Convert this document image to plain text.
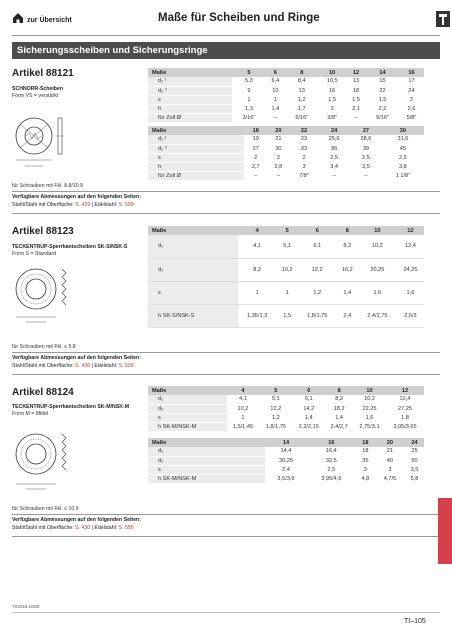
zur Übersicht	Maße für Scheiben und Ringe
Sicherungsscheiben und Sicherungsringe
Artikel 88121
SCHNORR-Scheiben
Form VS = verstärkt
Maße	5	6	8	10	12	14	16
d₁ ¹	5,3	6,4	8,4	10,5	13	15	17
d₂ ²	9	10	13	16	18	22	24
s	1	1	1,2	1,5	1,5	1,5	2
h	1,3	1,4	1,7	2	2,1	2,2	2,6
für Zoll Ø	3/16"	–	5/16"	3/8"	–	9/16"	5/8"
Maße	18	20	22	24	27	30
d₁ ¹	19	21	23	25,6	28,6	31,6
d₂ ²	27	30	33	36	39	45
s	2	2	2	2,5	2,5	2,5
h	2,7	2,8	3	3,4	3,5	3,8
für Zoll Ø	–	–	7/8"	–	–	1 1/8"
für Schrauben mit Fkl. 8.8/10.9
Verfügbare Abmessungen auf den folgenden Seiten:
Stahl/Stahl mit Oberfläche: S. 429 | Edelstahl: S. 599
Artikel 88123
TECKENTRUP-Sperrkantscheiben SK-S/NSK-S
Form S = Standard
Maße	4	5	6	8	10	12
d₁	4,1	5,1	6,1	8,2	10,2	12,4
d₂	8,2	10,2	12,2	16,2	20,25	24,25
s	1	1	1,2	1,4	1,6	1,6
h SK-S/NSK-S	1,35/1,3	1,5	1,8/1,75	2,4	2,4/2,75	2,6/3
für Schrauben mit Fkl. ≤ 5.8
Verfügbare Abmessungen auf den folgenden Seiten:
Stahl/Stahl mit Oberfläche: S. 430 | Edelstahl: S. 599
Artikel 88124
TECKENTRUP-Sperrkantscheiben SK-M/NSK-M
Form M = Mittel
Maße	4	5	6	8	10	12
d₁	4,1	5,1	6,1	8,2	10,2	12,4
d₂	10,2	12,2	14,2	18,2	22,25	27,25
s	1	1,2	1,4	1,4	1,6	1,8
h SK-M/NSK-M	1,5/1,45	1,8/1,75	2,2/2,15	2,4/2,7	2,75/3,1	3,05/3,65
Maße	14	16	18	20	24
d₁	14,4	16,4	18	21	25
d₂	30,25	32,5	35	40	50
s	2,4	2,5	3	3	3,5
h SK-M/NSK-M	3,5/3,9	3,95/4,6	4,8	4,7/5	5,8
für Schrauben mit Fkl. ≤ 10.9
Verfügbare Abmessungen auf den folgenden Seiten:
Stahl/Stahl mit Oberfläche: S. 430 | Edelstahl: S. 599
TI/2015.10DE
TI–105
